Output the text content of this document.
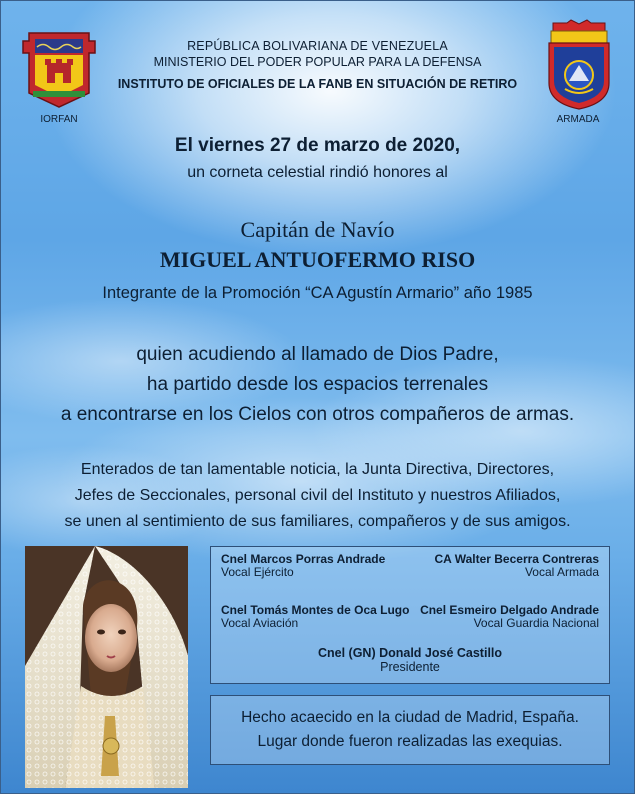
IORFAN	ARMADA
REPÚBLICA BOLIVARIANA DE VENEZUELA
MINISTERIO DEL PODER POPULAR PARA LA DEFENSA
INSTITUTO DE OFICIALES DE LA FANB EN SITUACIÓN DE RETIRO
El viernes 27 de marzo de 2020,
un corneta celestial rindió honores al
Capitán de Navío
MIGUEL ANTUOFERMO RISO
Integrante de la Promoción “CA Agustín Armario” año 1985
quien acudiendo al llamado de Dios Padre,
ha partido desde los espacios terrenales
a encontrarse en los Cielos con otros compañeros de armas.
Enterados de tan lamentable noticia, la Junta Directiva, Directores,
Jefes de Seccionales, personal civil del Instituto y nuestros Afiliados,
se unen al sentimiento de sus familiares, compañeros y de sus amigos.
Cnel Marcos Porras Andrade
Vocal Ejército
CA Walter Becerra Contreras
Vocal Armada
Cnel Tomás Montes de Oca Lugo
Vocal Aviación
Cnel Esmeiro Delgado Andrade
Vocal Guardia Nacional
Cnel (GN) Donald José Castillo
Presidente
Hecho acaecido en la ciudad de Madrid, España.
Lugar donde fueron realizadas las exequias.
